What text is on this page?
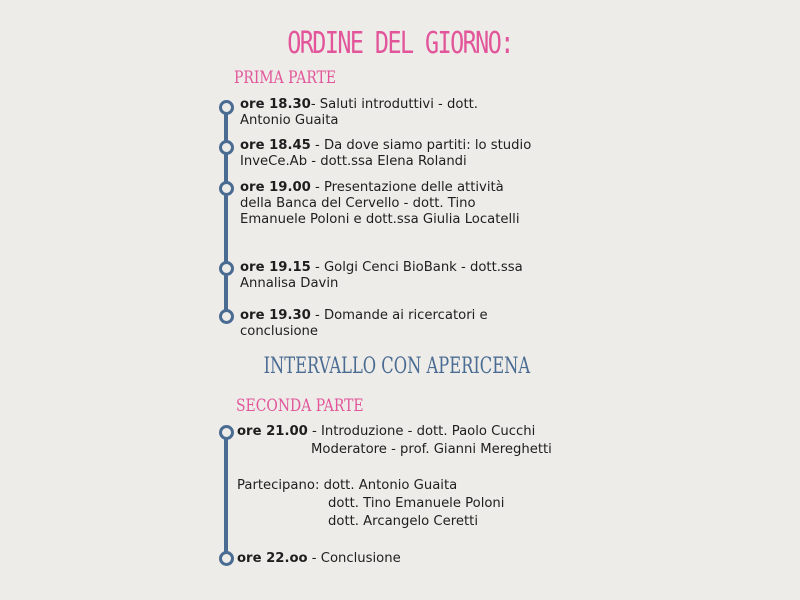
ORDINE DEL GIORNO:
PRIMA PARTE
ore 18.30- Saluti introduttivi - dott. Antonio Guaita
ore 18.45 - Da dove siamo partiti: lo studio InveCe.Ab - dott.ssa Elena Rolandi
ore 19.00 - Presentazione delle attività della Banca del Cervello - dott. Tino Emanuele Poloni e dott.ssa Giulia Locatelli
ore 19.15 - Golgi Cenci BioBank - dott.ssa Annalisa Davin
ore 19.30 - Domande ai ricercatori e conclusione
INTERVALLO CON APERICENA
SECONDA PARTE
ore 21.00 - Introduzione - dott. Paolo Cucchi
Moderatore - prof. Gianni Mereghetti
Partecipano: dott. Antonio Guaita
dott. Tino Emanuele Poloni
dott. Arcangelo Ceretti
ore 22.oo - Conclusione
